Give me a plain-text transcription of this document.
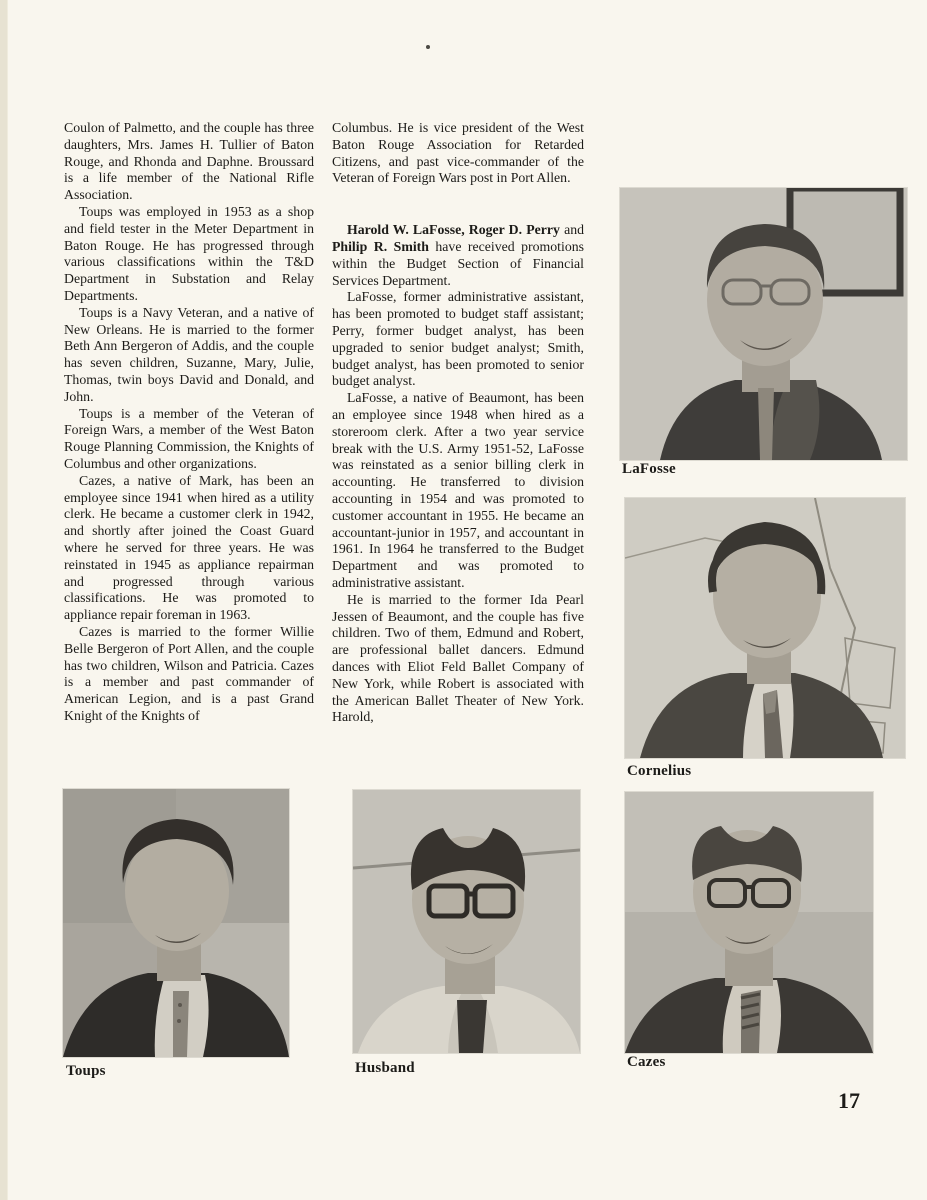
Coulon of Palmetto, and the couple has three daughters, Mrs. James H. Tullier of Baton Rouge, and Rhonda and Daphne. Broussard is a life member of the National Rifle Association.

Toups was employed in 1953 as a shop and field tester in the Meter Department in Baton Rouge. He has progressed through various classifications within the T&D Department in Substation and Relay Departments.

Toups is a Navy Veteran, and a native of New Orleans. He is married to the former Beth Ann Bergeron of Addis, and the couple has seven children, Suzanne, Mary, Julie, Thomas, twin boys David and Donald, and John.

Toups is a member of the Veteran of Foreign Wars, a member of the West Baton Rouge Planning Commission, the Knights of Columbus and other organizations.

Cazes, a native of Mark, has been an employee since 1941 when hired as a utility clerk. He became a customer clerk in 1942, and shortly after joined the Coast Guard where he served for three years. He was reinstated in 1945 as appliance repairman and progressed through various classifications. He was promoted to appliance repair foreman in 1963.

Cazes is married to the former Willie Belle Bergeron of Port Allen, and the couple has two children, Wilson and Patricia. Cazes is a member and past commander of American Legion, and is a past Grand Knight of the Knights of

Columbus. He is vice president of the West Baton Rouge Association for Retarded Citizens, and past vice-commander of the Veteran of Foreign Wars post in Port Allen.

Harold W. LaFosse, Roger D. Perry and Philip R. Smith have received promotions within the Budget Section of Financial Services Department.

LaFosse, former administrative assistant, has been promoted to budget staff assistant; Perry, former budget analyst, has been upgraded to senior budget analyst; Smith, budget analyst, has been promoted to senior budget analyst.

LaFosse, a native of Beaumont, has been an employee since 1948 when hired as a storeroom clerk. After a two year service break with the U.S. Army 1951-52, LaFosse was reinstated as a senior billing clerk in accounting. He transferred to division accounting in 1954 and was promoted to customer accountant in 1955. He became an accountant-junior in 1957, and accountant in 1961. In 1964 he transferred to the Budget Department and was promoted to administrative assistant.

He is married to the former Ida Pearl Jessen of Beaumont, and the couple has five children. Two of them, Edmund and Robert, are professional ballet dancers. Edmund dances with Eliot Feld Ballet Company of New York, while Robert is associated with the American Ballet Theater of New York. Harold,

LaFosse
Cornelius
Toups	Husband	Cazes
17
